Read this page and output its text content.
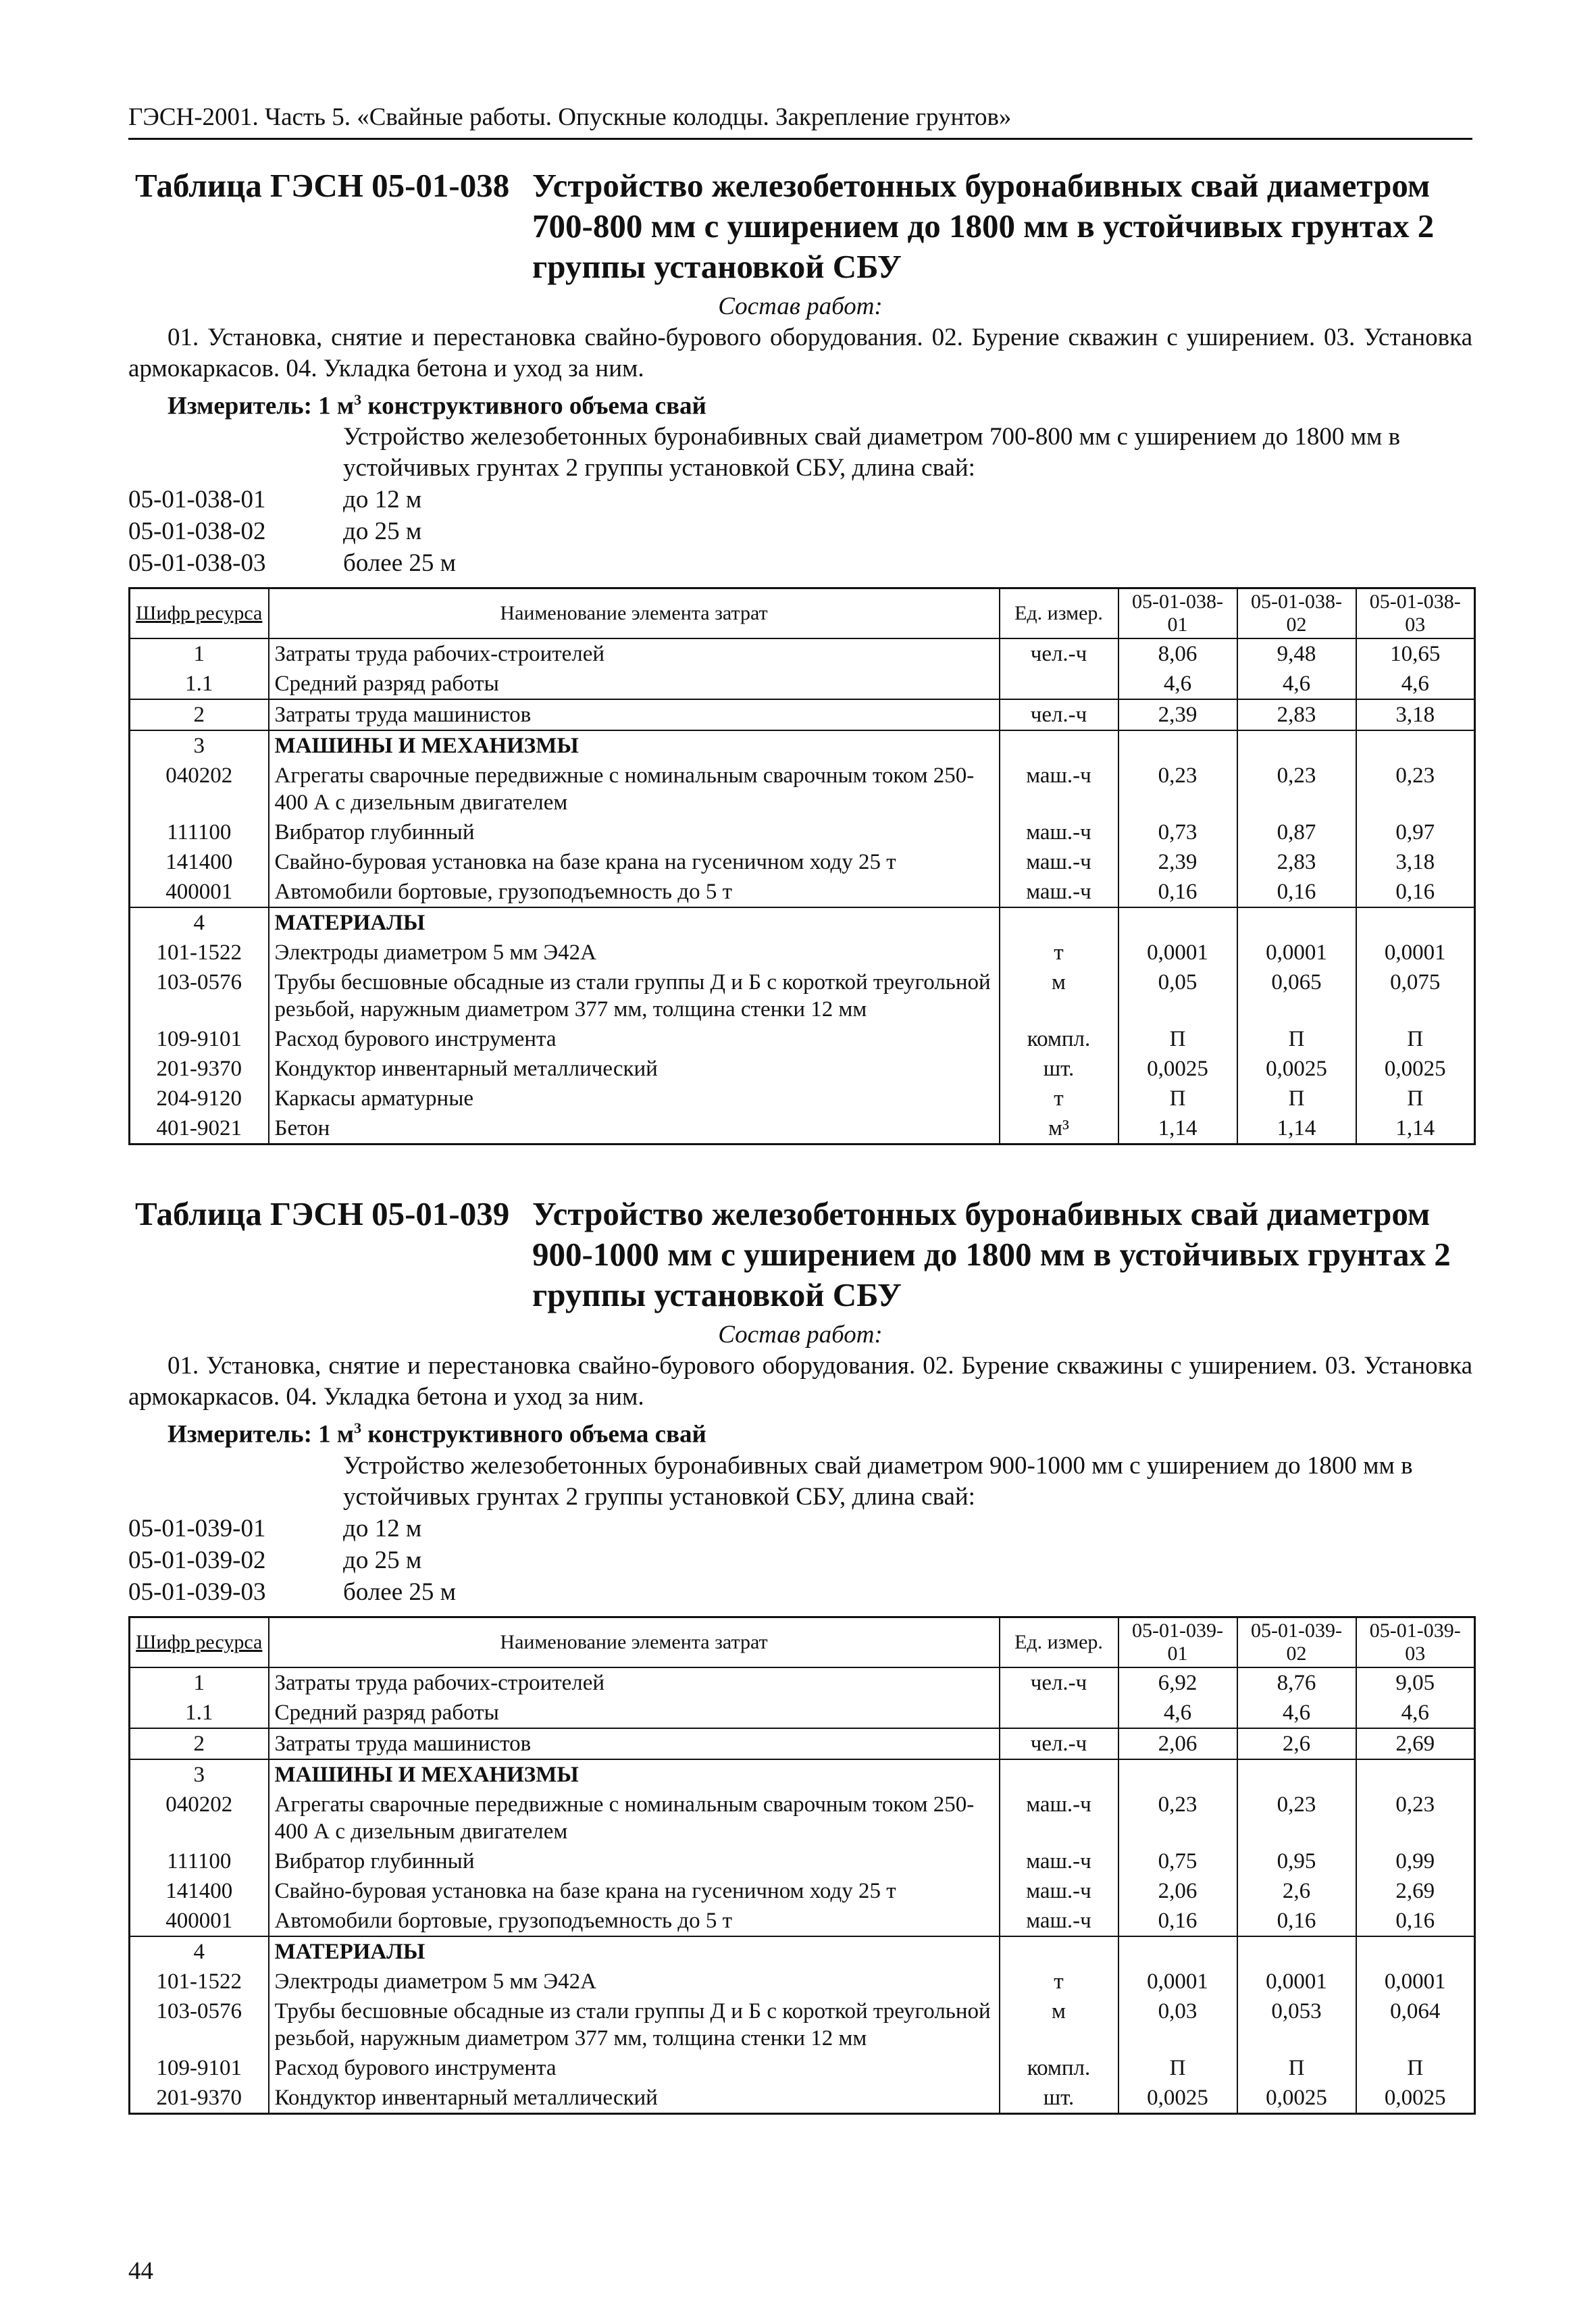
ГЭСН-2001. Часть 5. «Свайные работы. Опускные колодцы. Закрепление грунтов»
Таблица ГЭСН 05-01-038 Устройство железобетонных буронабивных свай диаметром 700-800 мм с уширением до 1800 мм в устойчивых грунтах 2 группы установкой СБУ
Состав работ:
01. Установка, снятие и перестановка свайно-бурового оборудования. 02. Бурение скважин с уширением. 03. Установка армокаркасов. 04. Укладка бетона и уход за ним.
Измеритель: 1 $м^3$ конструктивного объема свай
Устройство железобетонных буронабивных свай диаметром 700-800 мм с уширением до 1800 мм в устойчивых грунтах 2 группы установкой СБУ, длина свай:
05-01-038-01	до 12 м
05-01-038-02	до 25 м
05-01-038-03	более 25 м
Шифр ресурса	Наименование элемента затрат	Ед. измер.	05-01-038-01	05-01-038-02	05-01-038-03
1	Затраты труда рабочих-строителей	чел.-ч	8,06	9,48	10,65
1.1	Средний разряд работы		4,6	4,6	4,6
2	Затраты труда машинистов	чел.-ч	2,39	2,83	3,18
3	МАШИНЫ И МЕХАНИЗМЫ				
040202	Агрегаты сварочные передвижные с номинальным сварочным током 250-400 А с дизельным двигателем	маш.-ч	0,23	0,23	0,23
111100	Вибратор глубинный	маш.-ч	0,73	0,87	0,97
141400	Свайно-буровая установка на базе крана на гусеничном ходу 25 т	маш.-ч	2,39	2,83	3,18
400001	Автомобили бортовые, грузоподъемность до 5 т	маш.-ч	0,16	0,16	0,16
4	МАТЕРИАЛЫ				
101-1522	Электроды диаметром 5 мм Э42А	т	0,0001	0,0001	0,0001
103-0576	Трубы бесшовные обсадные из стали группы Д и Б с короткой треугольной резьбой, наружным диаметром 377 мм, толщина стенки 12 мм	м	0,05	0,065	0,075
109-9101	Расход бурового инструмента	компл.	П	П	П
201-9370	Кондуктор инвентарный металлический	шт.	0,0025	0,0025	0,0025
204-9120	Каркасы арматурные	т	П	П	П
401-9021	Бетон	м³	1,14	1,14	1,14
Таблица ГЭСН 05-01-039 Устройство железобетонных буронабивных свай диаметром 900-1000 мм с уширением до 1800 мм в устойчивых грунтах 2 группы установкой СБУ
Состав работ:
01. Установка, снятие и перестановка свайно-бурового оборудования. 02. Бурение скважины с уширением. 03. Установка армокаркасов. 04. Укладка бетона и уход за ним.
Измеритель: 1 $м^3$ конструктивного объема свай
Устройство железобетонных буронабивных свай диаметром 900-1000 мм с уширением до 1800 мм в устойчивых грунтах 2 группы установкой СБУ, длина свай:
05-01-039-01	до 12 м
05-01-039-02	до 25 м
05-01-039-03	более 25 м
Шифр ресурса	Наименование элемента затрат	Ед. измер.	05-01-039-01	05-01-039-02	05-01-039-03
1	Затраты труда рабочих-строителей	чел.-ч	6,92	8,76	9,05
1.1	Средний разряд работы		4,6	4,6	4,6
2	Затраты труда машинистов	чел.-ч	2,06	2,6	2,69
3	МАШИНЫ И МЕХАНИЗМЫ				
040202	Агрегаты сварочные передвижные с номинальным сварочным током 250-400 А с дизельным двигателем	маш.-ч	0,23	0,23	0,23
111100	Вибратор глубинный	маш.-ч	0,75	0,95	0,99
141400	Свайно-буровая установка на базе крана на гусеничном ходу 25 т	маш.-ч	2,06	2,6	2,69
400001	Автомобили бортовые, грузоподъемность до 5 т	маш.-ч	0,16	0,16	0,16
4	МАТЕРИАЛЫ				
101-1522	Электроды диаметром 5 мм Э42А	т	0,0001	0,0001	0,0001
103-0576	Трубы бесшовные обсадные из стали группы Д и Б с короткой треугольной резьбой, наружным диаметром 377 мм, толщина стенки 12 мм	м	0,03	0,053	0,064
109-9101	Расход бурового инструмента	компл.	П	П	П
201-9370	Кондуктор инвентарный металлический	шт.	0,0025	0,0025	0,0025
44
